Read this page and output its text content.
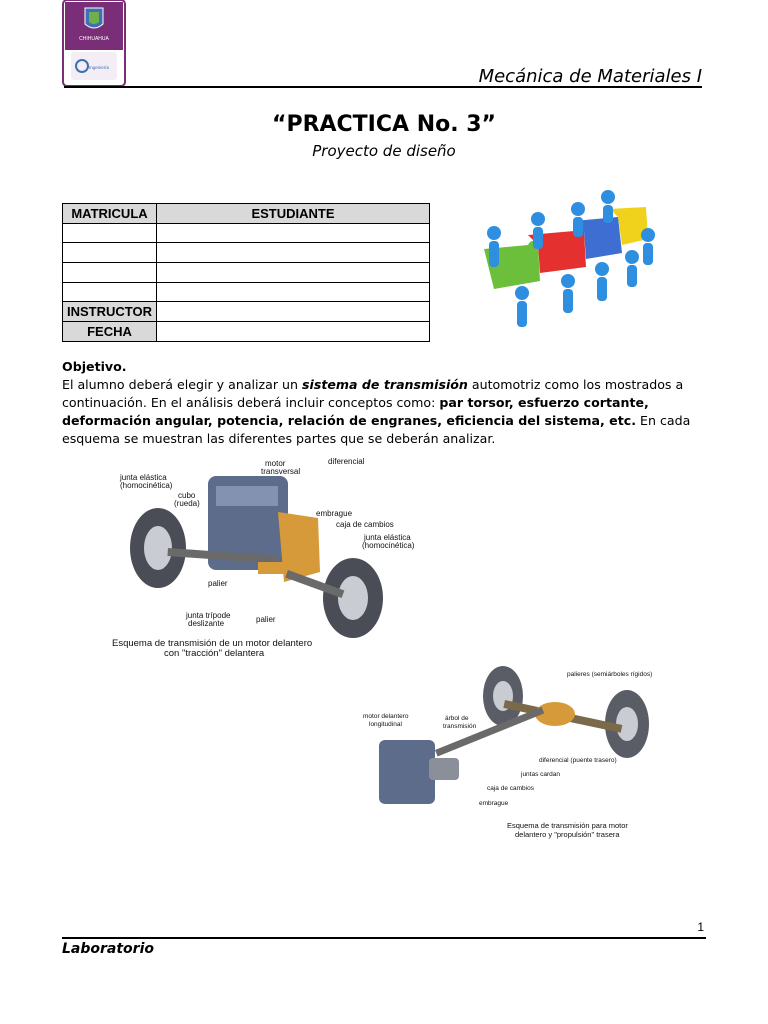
CHIHUAHUA
Ingeniería	Mecánica de Materiales I
“PRACTICA No. 3”
Proyecto de diseño
MATRICULA	ESTUDIANTE

INSTRUCTOR	
FECHA	
Objetivo.
El alumno deberá elegir y analizar un sistema de transmisión automotriz como los mostrados a continuación. En el análisis deberá incluir conceptos como: par torsor, esfuerzo cortante, deformación angular, potencia, relación de engranes, eficiencia del sistema, etc. En cada esquema se muestran las diferentes partes que se deberán analizar.
junta elástica
(homocinética)
motor
transversal
diferencial
cubo
(rueda)
embrague
caja de cambios
junta elástica
(homocinética)
palier
junta trípode
deslizante	palier
Esquema de transmisión de un motor delantero
con "tracción" delantera
palieres (semiárboles rígidos)
motor delantero
longitudinal
árbol de
transmisión
diferencial (puente trasero)
juntas cardan
caja de cambios
embrague
Esquema de transmisión para motor
delantero y "propulsión" trasera
1
Laboratorio
